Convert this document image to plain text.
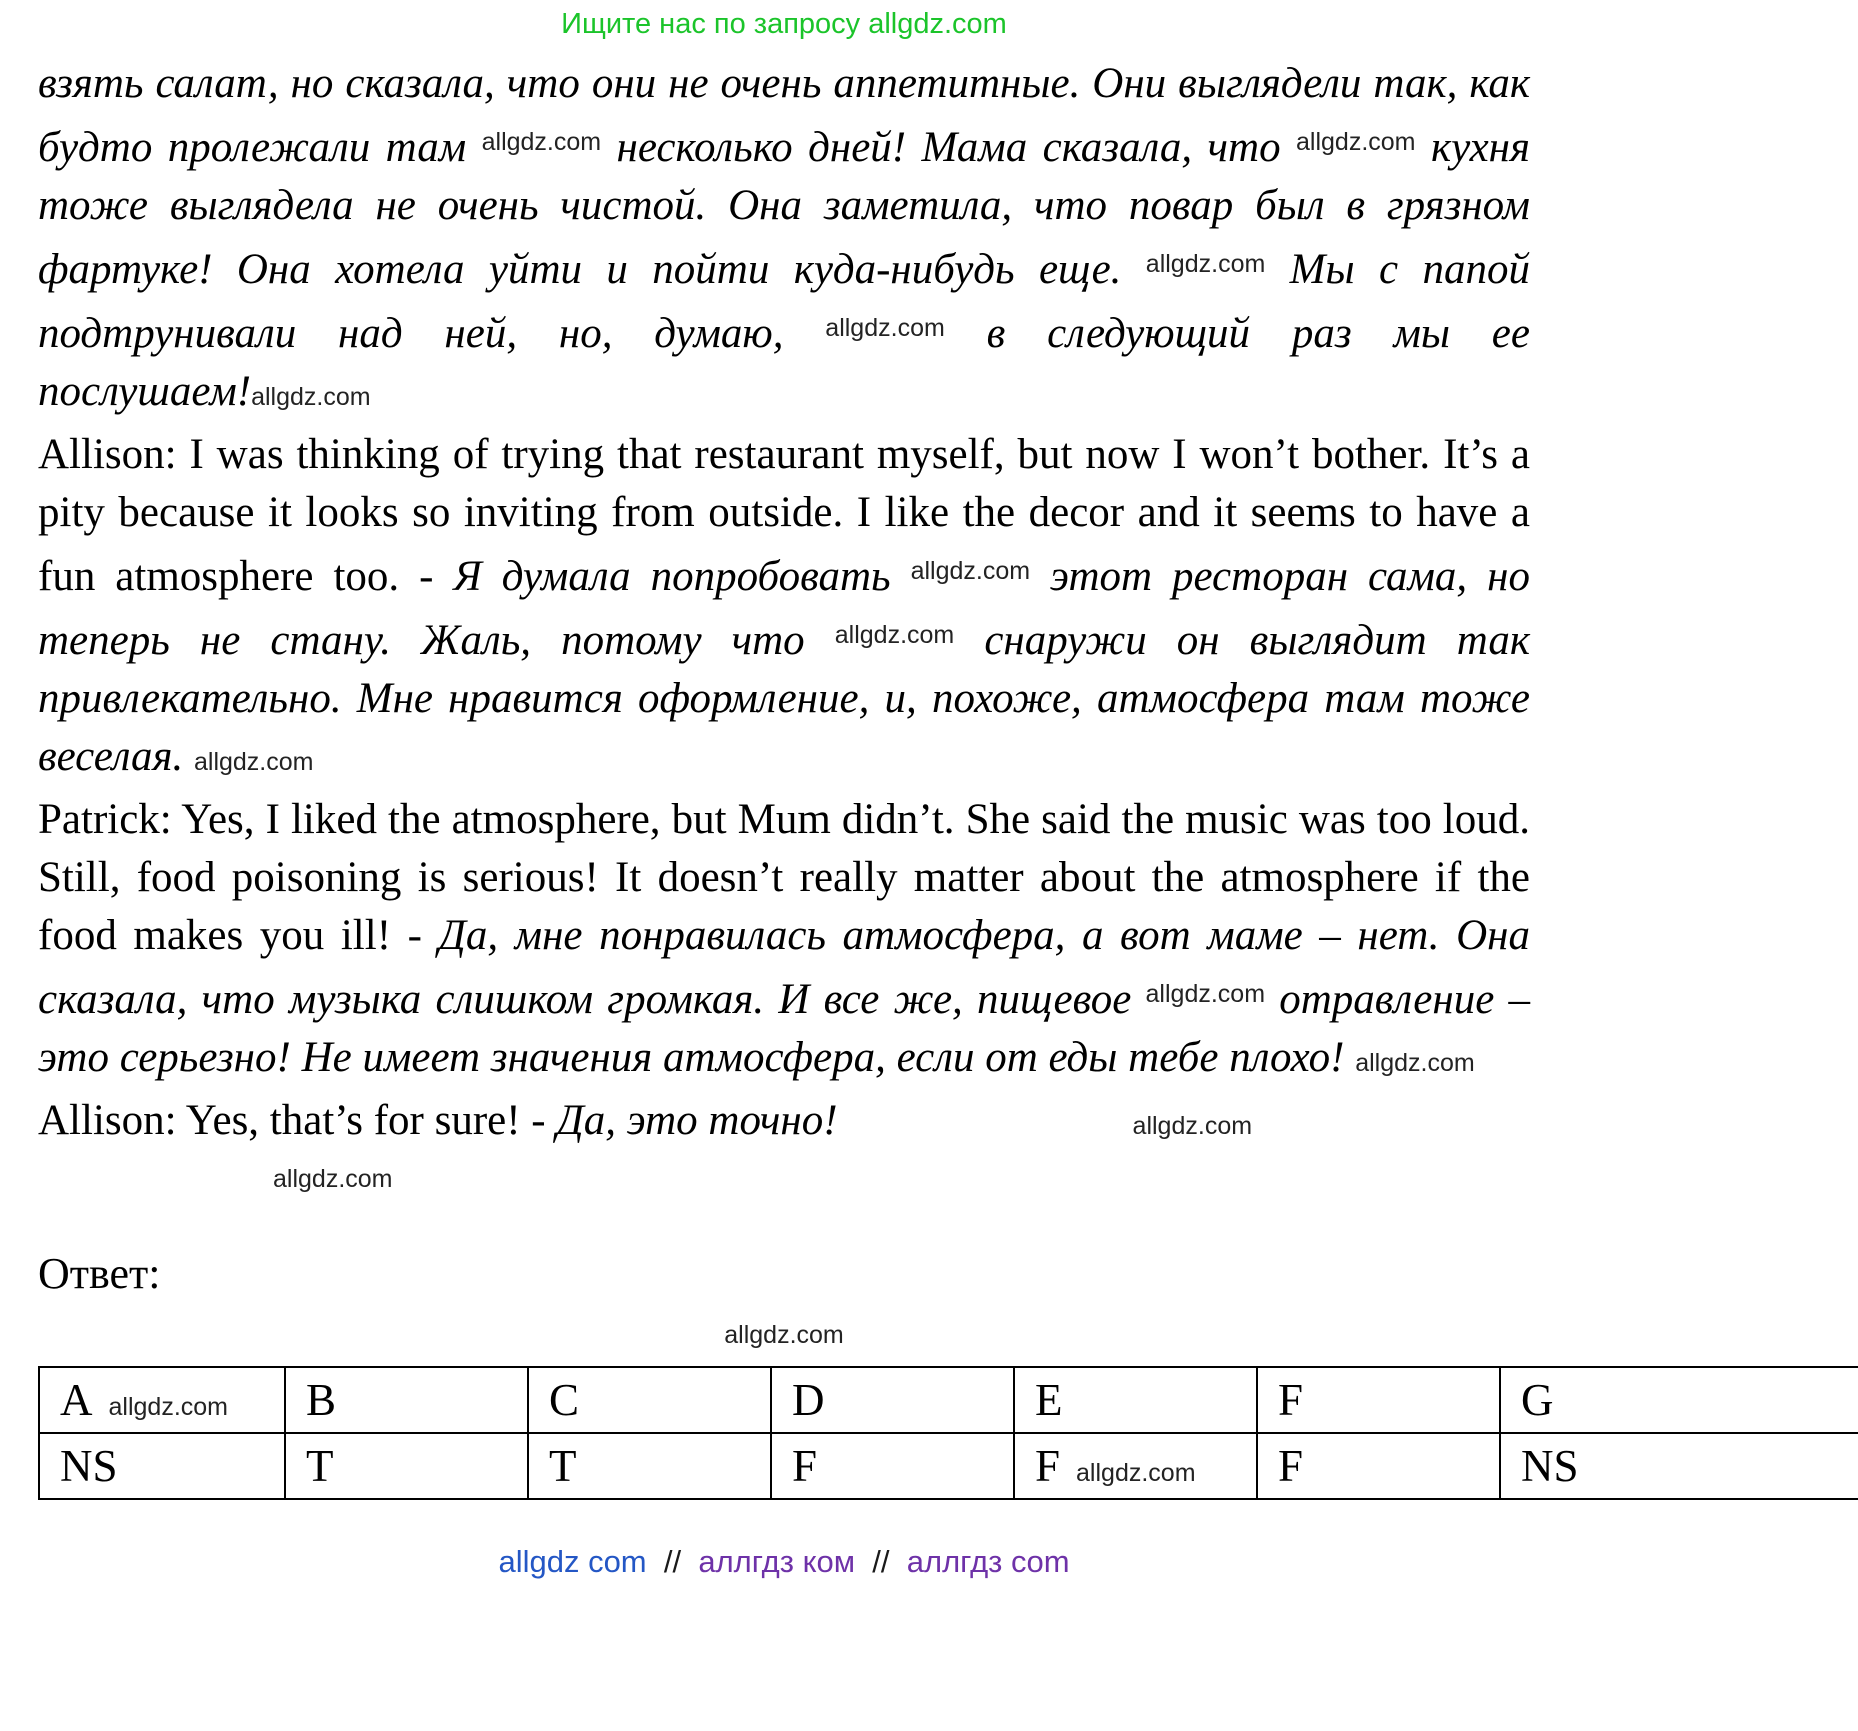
Ищите нас по запросу allgdz.com

взять салат, но сказала, что они не очень аппетитные. Они выглядели так, как будто пролежали там $^{allgdz.com}$ несколько дней! Мама сказала, что $^{allgdz.com}$ кухня тоже выглядела не очень чистой. Она заметила, что повар был в грязном фартуке! Она хотела уйти и пойти куда-нибудь еще. $^{allgdz.com}$ Мы с папой подтрунивали над ней, но, думаю, $^{allgdz.com}$ в следующий раз мы ее послушаем!allgdz.com

Allison: I was thinking of trying that restaurant myself, but now I won’t bother. It’s a pity because it looks so inviting from outside. I like the decor and it seems to have a fun atmosphere too. - Я думала попробовать $^{allgdz.com}$ этот ресторан сама, но теперь не стану. Жаль, потому что $^{allgdz.com}$ снаружи он выглядит так привлекательно. Мне нравится оформление, и, похоже, атмосфера там тоже веселая. allgdz.com

Patrick: Yes, I liked the atmosphere, but Mum didn’t. She said the music was too loud. Still, food poisoning is serious! It doesn’t really matter about the atmosphere if the food makes you ill! - Да, мне понравилась атмосфера, а вот маме – нет. Она сказала, что музыка слишком громкая. И все же, пищевое $^{allgdz.com}$ отравление – это серьезно! Не имеет значения атмосфера, если от еды тебе плохо! allgdz.com

Allison: Yes, that’s for sure! - Да, это точно!	allgdz.com

allgdz.com
Ответ:
allgdz.com
A allgdz.com	B	C	D	E	F	G
NS	T	T	F	F allgdz.com	F	NS
allgdz com  //  аллгдз ком  //  аллгдз com
